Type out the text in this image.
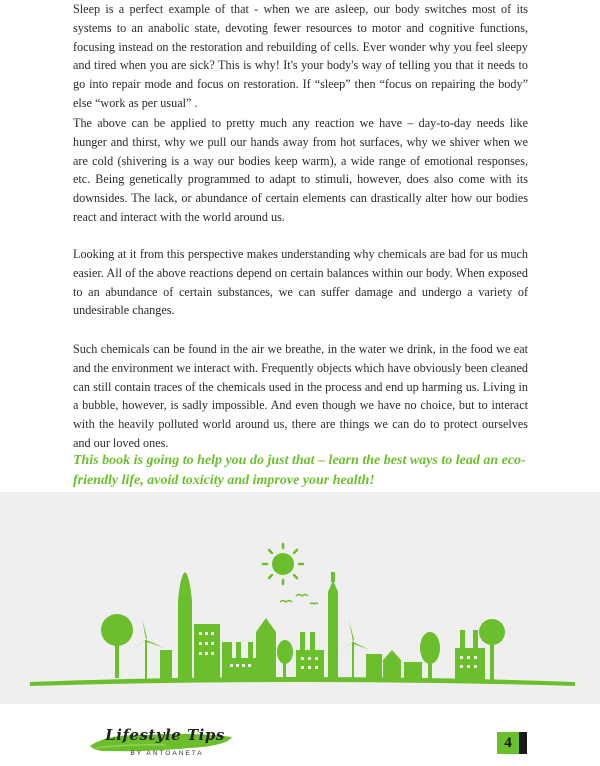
Sleep is a perfect example of that - when we are asleep, our body switches most of its systems to an anabolic state, devoting fewer resources to motor and cognitive functions, focusing instead on the restoration and rebuilding of cells. Ever wonder why you feel sleepy and tired when you are sick? This is why! It's your body's way of telling you that it needs to go into repair mode and focus on restoration. If “sleep” then “focus on repairing the body” else “work as per usual” .

The above can be applied to pretty much any reaction we have – day-to-day needs like hunger and thirst, why we pull our hands away from hot surfaces, why we shiver when we are cold (shivering is a way our bodies keep warm), a wide range of emotional responses, etc. Being genetically programmed to adapt to stimuli, however, does also come with its downsides. The lack, or abundance of certain elements can drastically alter how our bodies react and interact with the world around us.

Looking at it from this perspective makes understanding why chemicals are bad for us much easier. All of the above reactions depend on certain balances within our body. When exposed to an abundance of certain substances, we can suffer damage and undergo a variety of undesirable changes.

Such chemicals can be found in the air we breathe, in the water we drink, in the food we eat and the environment we interact with. Frequently objects which have obviously been cleaned can still contain traces of the chemicals used in the process and end up harming us. Living in a bubble, however, is sadly impossible. And even though we have no choice, but to interact with the heavily polluted world around us, there are things we can do to protect ourselves and our loved ones.

This book is going to help you do just that – learn the best ways to lead an eco-friendly life, avoid toxicity and improve your health!

Lifestyle Tips
BY ANTOANETA
4
